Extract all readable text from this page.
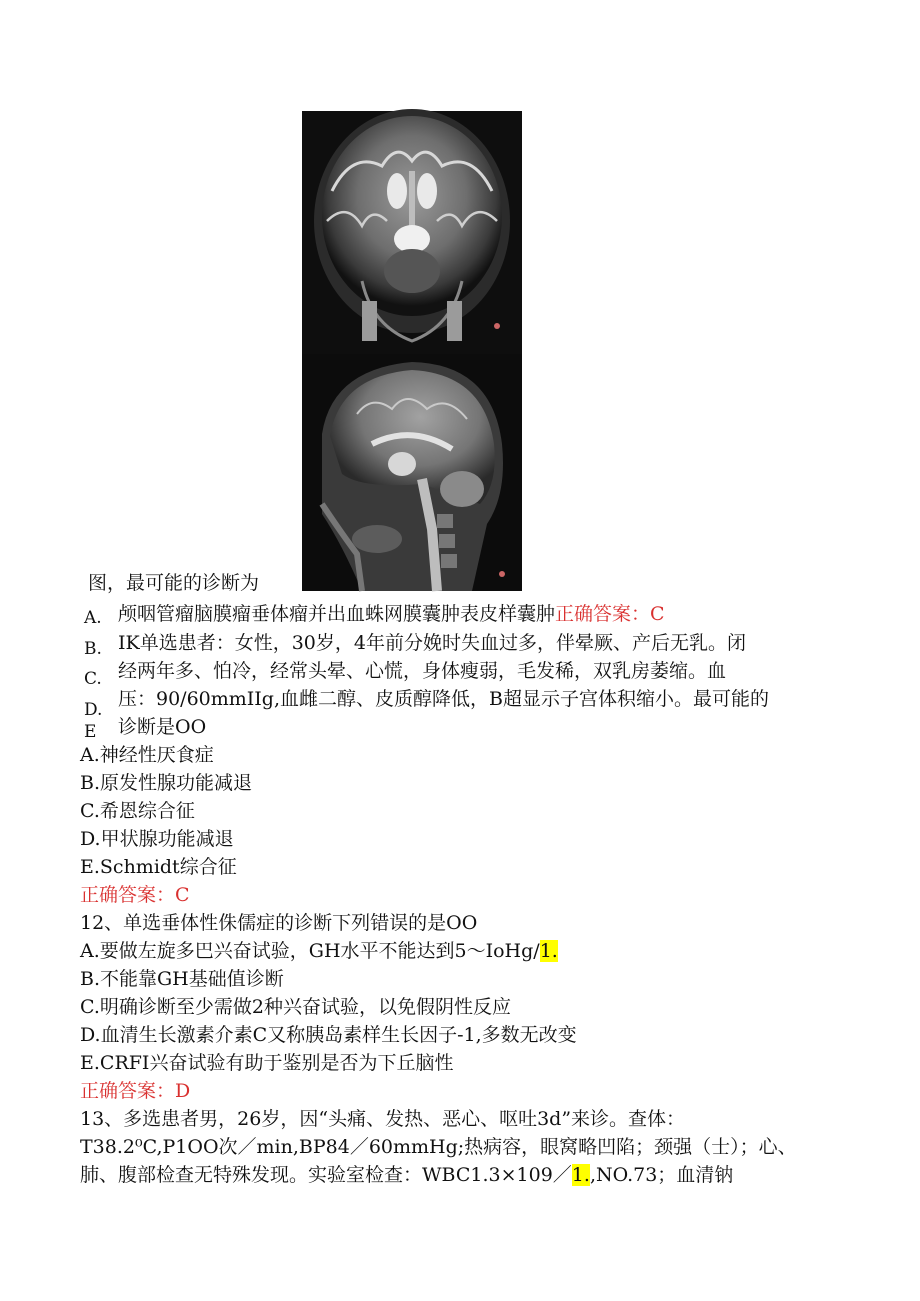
图，最可能的诊断为
A.
B.
C.
D.
E
颅咽管瘤脑膜瘤垂体瘤并出血蛛网膜囊肿表皮样囊肿正确答案：C
IK单选患者：女性，30岁，4年前分娩时失血过多，伴晕厥、产后无乳。闭
经两年多、怕冷，经常头晕、心慌，身体瘦弱，毛发稀，双乳房萎缩。血
压：90/60mmIIg,血雌二醇、皮质醇降低，B超显示子宫体积缩小。最可能的
诊断是OO
A.神经性厌食症
B.原发性腺功能减退
C.希恩综合征
D.甲状腺功能减退
E.Schmidt综合征
正确答案：C
12、单选垂体性侏儒症的诊断下列错误的是OO
A.要做左旋多巴兴奋试验，GH水平不能达到5～IoHg/1.
B.不能靠GH基础值诊断
C.明确诊断至少需做2种兴奋试验，以免假阴性反应
D.血清生长激素介素C又称胰岛素样生长因子-1,多数无改变
E.CRFI兴奋试验有助于鉴别是否为下丘脑性
正确答案：D
13、多选患者男，26岁，因“头痛、发热、恶心、呕吐3d”来诊。查体：
T38.2⁰C,P1OO次／min,BP84／60mmHg;热病容，眼窝略凹陷；颈强（士）；心、
肺、腹部检查无特殊发现。实验室检查：WBC1.3×109／1.,NO.73；血清钠
